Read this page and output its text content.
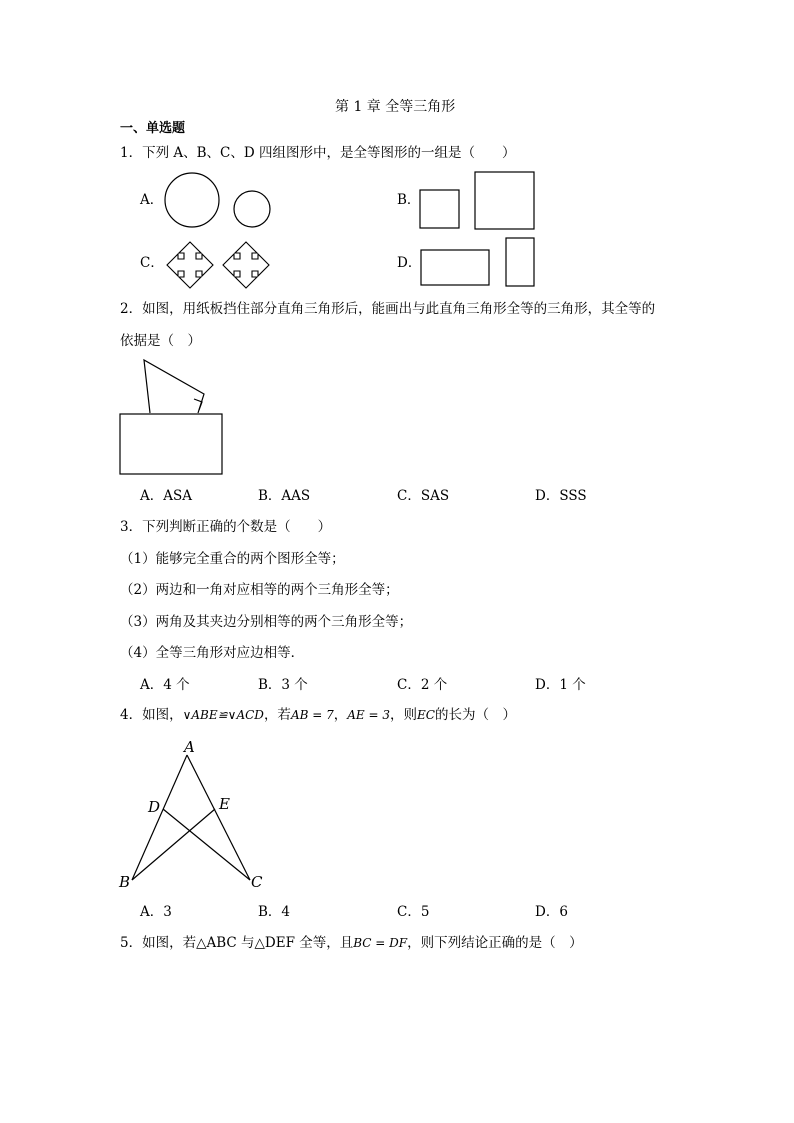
第 1 章 全等三角形
一、单选题
1．下列 A、B、C、D 四组图形中，是全等图形的一组是（　　）
A．	B．
C．	D．
2．如图，用纸板挡住部分直角三角形后，能画出与此直角三角形全等的三角形，其全等的
依据是（　）
A．ASA	B．AAS	C．SAS	D．SSS
3．下列判断正确的个数是（　　）
（1）能够完全重合的两个图形全等；
（2）两边和一角对应相等的两个三角形全等；
（3）两角及其夹边分别相等的两个三角形全等；
（4）全等三角形对应边相等．
A．4 个	B．3 个	C．2 个	D．1 个
4．如图，∨ABE≌∨ACD，若AB = 7，AE = 3，则EC的长为（　）
A
D	E
B	C
A．3	B．4	C．5	D．6
5．如图，若△ABC 与△DEF 全等，且BC = DF，则下列结论正确的是（　）
